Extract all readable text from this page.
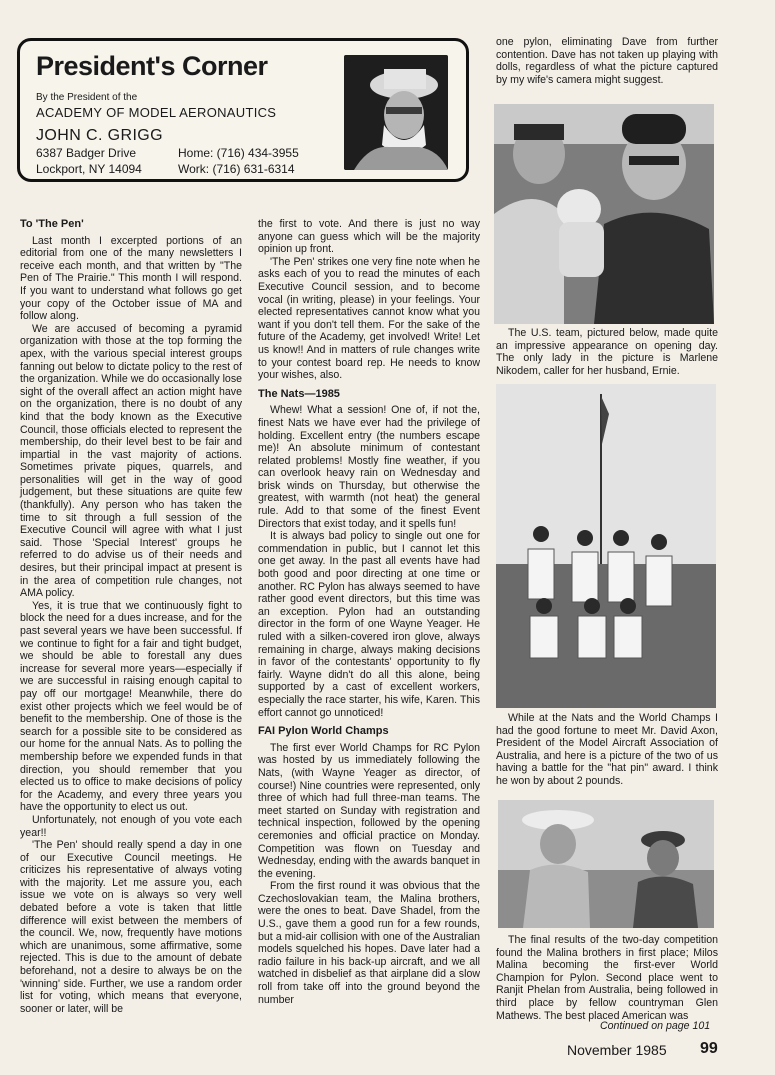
President's Corner
By the President of the
ACADEMY OF MODEL AERONAUTICS
JOHN C. GRIGG
6387 Badger Drive
Lockport, NY 14094
Home: (716) 434-3955
Work: (716) 631-6314
To 'The Pen'

Last month I excerpted portions of an editorial from one of the many newsletters I receive each month, and that written by "The Pen of The Prairie." This month I will respond. If you want to understand what follows go get your copy of the October issue of MA and follow along.

We are accused of becoming a pyramid organization with those at the top forming the apex, with the various special interest groups fanning out below to dictate policy to the rest of the organization. While we do occasionally lose sight of the overall affect an action might have on the organization, there is no doubt of any kind that the body known as the Executive Council, those officials elected to represent the membership, do their level best to be fair and impartial in the vast majority of actions. Sometimes private piques, quarrels, and personalities will get in the way of good judgement, but these situations are quite few (thankfully). Any person who has taken the time to sit through a full session of the Executive Council will agree with what I just said. Those 'Special Interest' groups he referred to do advise us of their needs and desires, but their principal impact at present is in the area of competition rule changes, not AMA policy.

Yes, it is true that we continuously fight to block the need for a dues increase, and for the past several years we have been successful. If we continue to fight for a fair and tight budget, we should be able to forestall any dues increase for several more years—especially if we are successful in raising enough capital to pay off our mortgage! Meanwhile, there do exist other projects which we feel would be of benefit to the membership. One of those is the search for a possible site to be considered as our home for the annual Nats. As to polling the membership before we expended funds in that direction, you should remember that you elected us to office to make decisions of policy for the Academy, and every three years you have the opportunity to elect us out.

Unfortunately, not enough of you vote each year!!

'The Pen' should really spend a day in one of our Executive Council meetings. He criticizes his representative of always voting with the majority. Let me assure you, each issue we vote on is always so very well debated before a vote is taken that little difference will exist between the members of the council. We, now, frequently have motions which are unanimous, some affirmative, some rejected. This is due to the amount of debate beforehand, not a desire to always be on the 'winning' side. Further, we use a random order list for voting, which means that everyone, sooner or later, will be

the first to vote. And there is just no way anyone can guess which will be the majority opinion up front.

'The Pen' strikes one very fine note when he asks each of you to read the minutes of each Executive Council session, and to become vocal (in writing, please) in your feelings. Your elected representatives cannot know what you want if you don't tell them. For the sake of the future of the Academy, get involved! Write! Let us know!! And in matters of rule changes write to your contest board rep. He needs to know your wishes, also.

The Nats—1985

Whew! What a session! One of, if not the, finest Nats we have ever had the privilege of holding. Excellent entry (the numbers escape me)! An absolute minimum of contestant related problems! Mostly fine weather, if you can overlook heavy rain on Wednesday and brisk winds on Thursday, but otherwise the greatest, with warmth (not heat) the general rule. Add to that some of the finest Event Directors that exist today, and it spells fun!

It is always bad policy to single out one for commendation in public, but I cannot let this one get away. In the past all events have had both good and poor directing at one time or another. RC Pylon has always seemed to have rather good event directors, but this time was an exception. Pylon had an outstanding director in the form of one Wayne Yeager. He ruled with a silken-covered iron glove, always remaining in charge, always making decisions in favor of the contestants' opportunity to fly fairly. Wayne didn't do all this alone, being supported by a cast of excellent workers, especially the race starter, his wife, Karen. This effort cannot go unnoticed!

FAI Pylon World Champs

The first ever World Champs for RC Pylon was hosted by us immediately following the Nats, (with Wayne Yeager as director, of course!) Nine countries were represented, only three of which had full three-man teams. The meet started on Sunday with registration and technical inspection, followed by the opening ceremonies and official practice on Monday. Competition was flown on Tuesday and Wednesday, ending with the awards banquet in the evening.

From the first round it was obvious that the Czechoslovakian team, the Malina brothers, were the ones to beat. Dave Shadel, from the U.S., gave them a good run for a few rounds, but a mid-air collision with one of the Australian models squelched his hopes. Dave later had a radio failure in his back-up aircraft, and we all watched in disbelief as that airplane did a slow roll from take off into the ground beyond the number

one pylon, eliminating Dave from further contention. Dave has not taken up playing with dolls, regardless of what the picture captured by my wife's camera might suggest.

The U.S. team, pictured below, made quite an impressive appearance on opening day. The only lady in the picture is Marlene Nikodem, caller for her husband, Ernie.
While at the Nats and the World Champs I had the good fortune to meet Mr. David Axon, President of the Model Aircraft Association of Australia, and here is a picture of the two of us having a battle for the "hat pin" award. I think he won by about 2 pounds.
The final results of the two-day competition found the Malina brothers in first place; Milos Malina becoming the first-ever World Champion for Pylon. Second place went to Ranjit Phelan from Australia, being followed in third place by fellow countryman Glen Mathews. The best placed American was
Continued on page 101
November 1985 99
